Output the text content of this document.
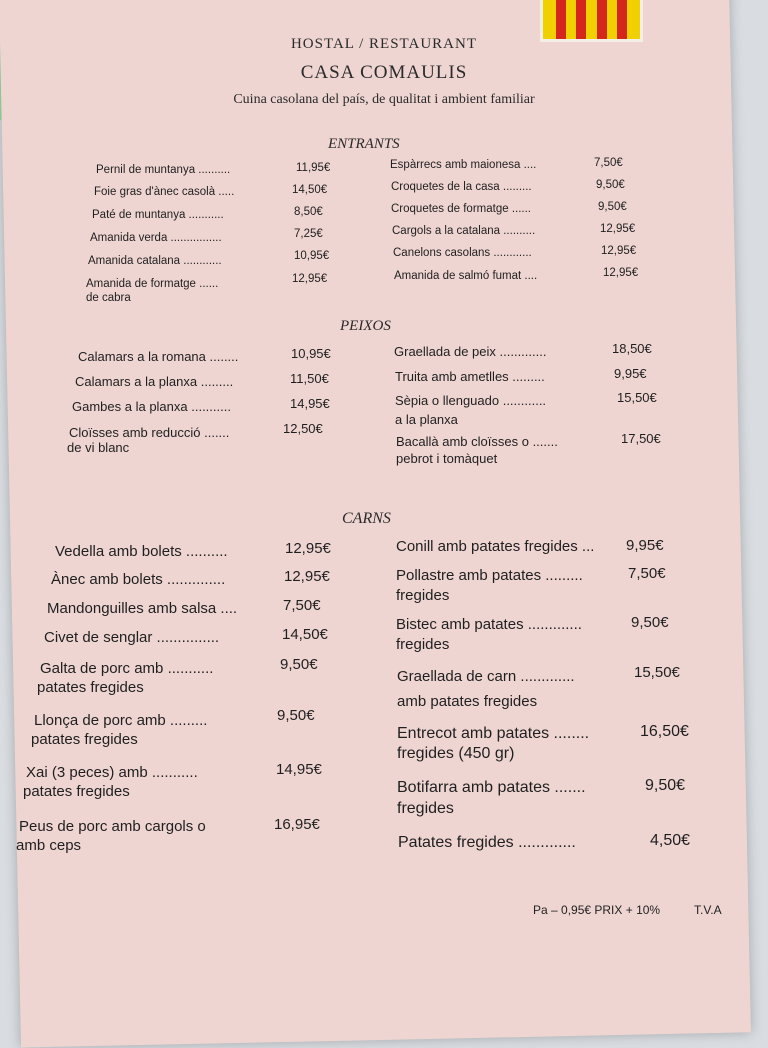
HOSTAL / RESTAURANT
CASA COMAULIS
Cuina casolana del país, de qualitat i ambient familiar
ENTRANTS
Pernil de muntanya ..........	11,95€
Foie gras d'ànec casolà .....	14,50€
Paté de muntanya ...........	8,50€
Amanida verda ................	7,25€
Amanida catalana ............	10,95€
Amanida de formatge ......
de cabra
12,95€
Espàrrecs amb maionesa ....	7,50€
Croquetes de la casa .........	9,50€
Croquetes de formatge ......	9,50€
Cargols a la catalana ..........	12,95€
Canelons casolans ............	12,95€
Amanida de salmó fumat ....	12,95€
PEIXOS
Calamars a la romana ........	10,95€
Calamars a la planxa .........	11,50€
Gambes a la planxa ...........	14,95€
Cloïsses amb reducció .......
de vi blanc
12,50€
Graellada de peix .............	18,50€
Truita amb ametlles .........	9,95€
Sèpia o llenguado ............
a la planxa
15,50€
Bacallà amb cloïsses o .......
pebrot i tomàquet
17,50€
CARNS
Vedella amb bolets ..........	12,95€
Ànec amb bolets ..............	12,95€
Mandonguilles amb salsa ....	7,50€
Civet de senglar ...............	14,50€
Galta de porc amb ...........
patates fregides
9,50€
Llonça de porc amb .........
patates fregides
9,50€
Xai (3 peces) amb ...........
patates fregides
14,95€
Peus de porc amb cargols o
amb ceps
16,95€
Conill amb patates fregides ... 9,95€
Pollastre amb patates .........
fregides
7,50€
Bistec amb patates .............
fregides
9,50€
Graellada de carn .............
amb patates fregides
15,50€
Entrecot amb patates ........
fregides (450 gr)
16,50€
Botifarra amb patates .......
fregides
9,50€
Patates fregides .............	4,50€
Pa – 0,95€ PRIX + 10%	T.V.A
